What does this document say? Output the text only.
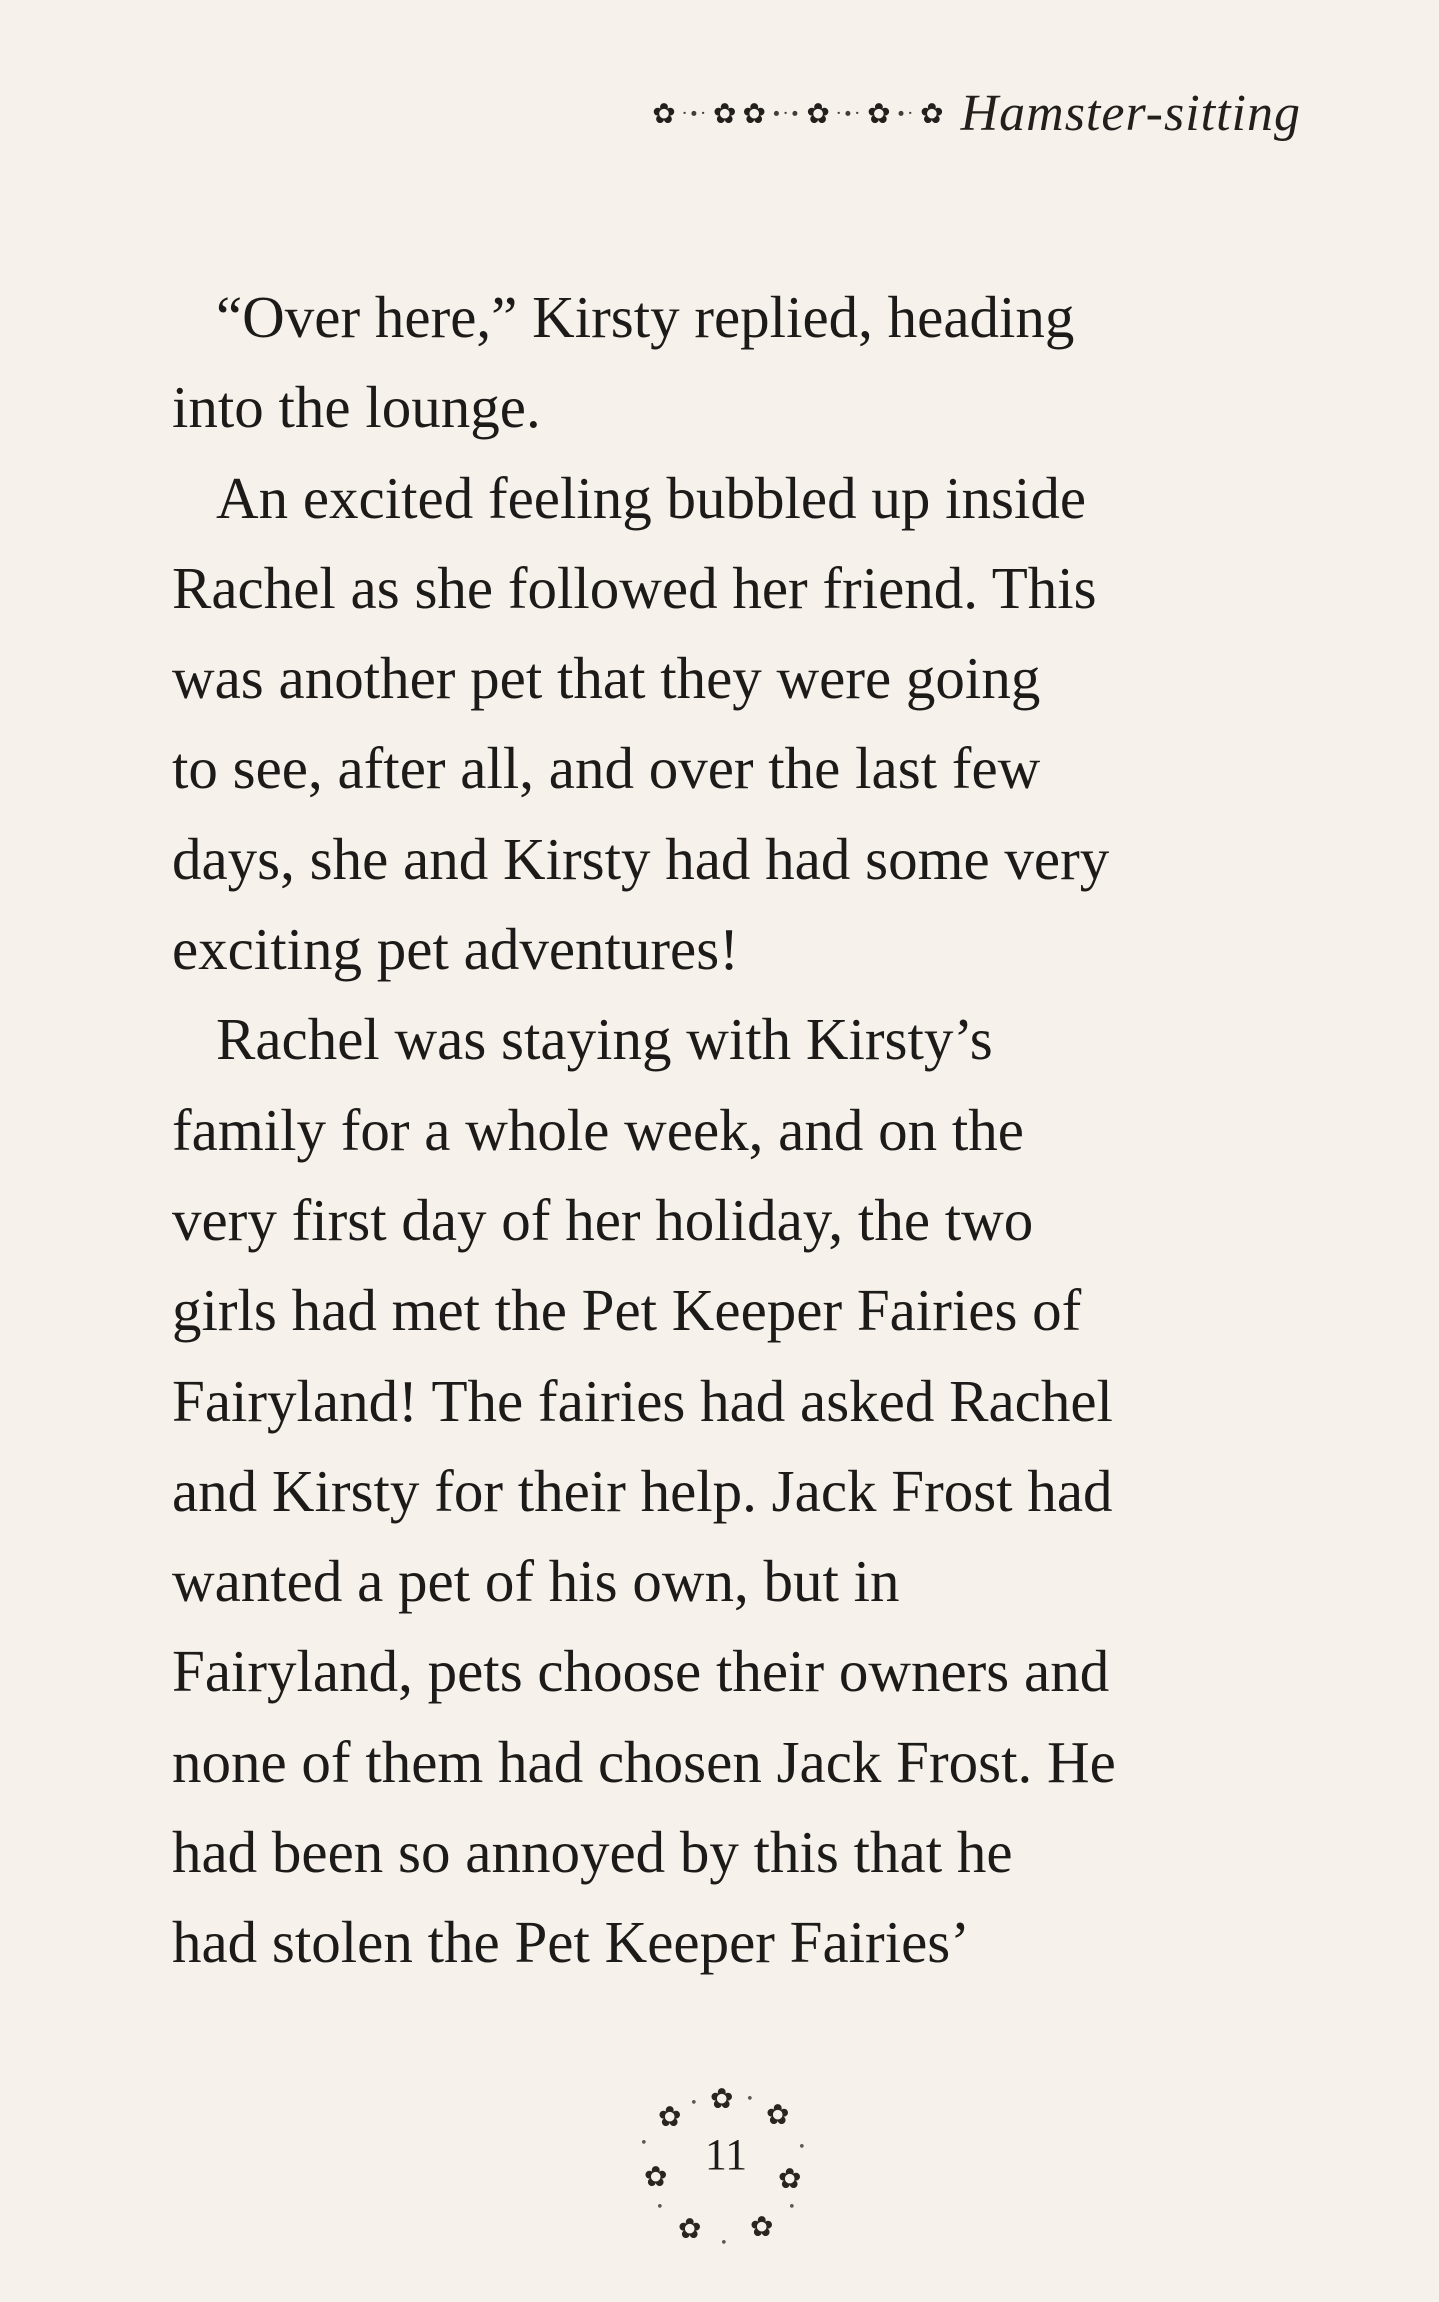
✿ ·∙· ✿ ✿ ∙·∙ ✿ ·∙· ✿ ∙· ✿ Hamster-sitting
“Over here,” Kirsty replied, heading
into the lounge.
An excited feeling bubbled up inside
Rachel as she followed her friend. This
was another pet that they were going
to see, after all, and over the last few
days, she and Kirsty had had some very
exciting pet adventures!
Rachel was staying with Kirsty’s
family for a whole week, and on the
very first day of her holiday, the two
girls had met the Pet Keeper Fairies of
Fairyland! The fairies had asked Rachel
and Kirsty for their help. Jack Frost had
wanted a pet of his own, but in
Fairyland, pets choose their owners and
none of them had chosen Jack Frost. He
had been so annoyed by this that he
had stolen the Pet Keeper Fairies’
✿
✿ ✿
✿	✿
✿ ✿
•	•
•	•
•	•
•
11
